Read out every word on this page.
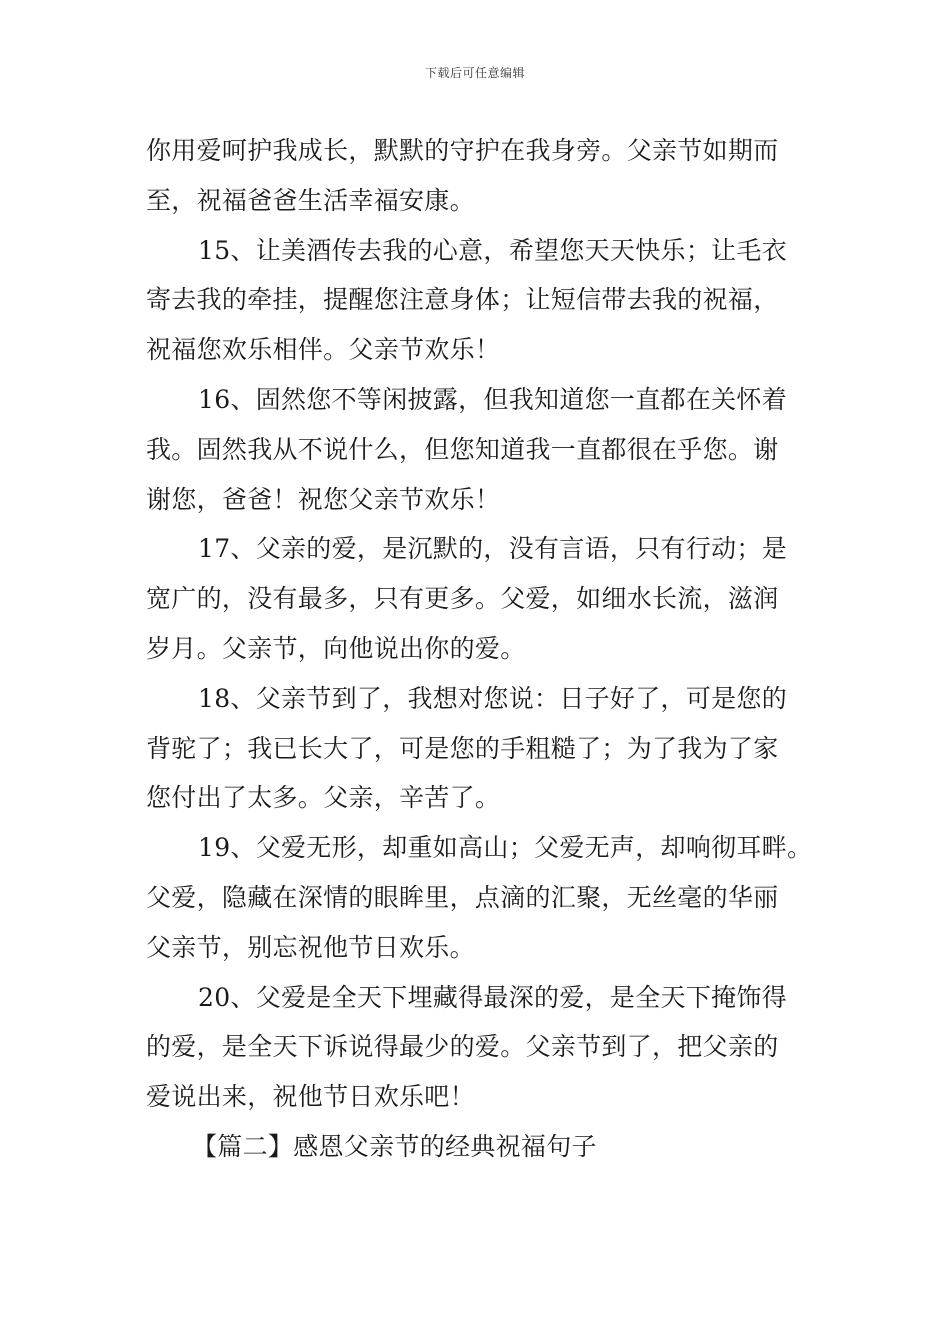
下载后可任意编辑
你用爱呵护我成长，默默的守护在我身旁。父亲节如期而
至，祝福爸爸生活幸福安康。
15、让美酒传去我的心意，希望您天天快乐；让毛衣
寄去我的牵挂，提醒您注意身体；让短信带去我的祝福，
祝福您欢乐相伴。父亲节欢乐！
16、固然您不等闲披露，但我知道您一直都在关怀着
我。固然我从不说什么，但您知道我一直都很在乎您。谢
谢您，爸爸！祝您父亲节欢乐！
17、父亲的爱，是沉默的，没有言语，只有行动；是
宽广的，没有最多，只有更多。父爱，如细水长流，滋润
岁月。父亲节，向他说出你的爱。
18、父亲节到了，我想对您说：日子好了，可是您的
背驼了；我已长大了，可是您的手粗糙了；为了我为了家
您付出了太多。父亲，辛苦了。
19、父爱无形，却重如高山；父爱无声，却响彻耳畔。
父爱，隐藏在深情的眼眸里，点滴的汇聚，无丝毫的华丽
父亲节，别忘祝他节日欢乐。
20、父爱是全天下埋藏得最深的爱，是全天下掩饰得
的爱，是全天下诉说得最少的爱。父亲节到了，把父亲的
爱说出来，祝他节日欢乐吧！
【篇二】感恩父亲节的经典祝福句子
